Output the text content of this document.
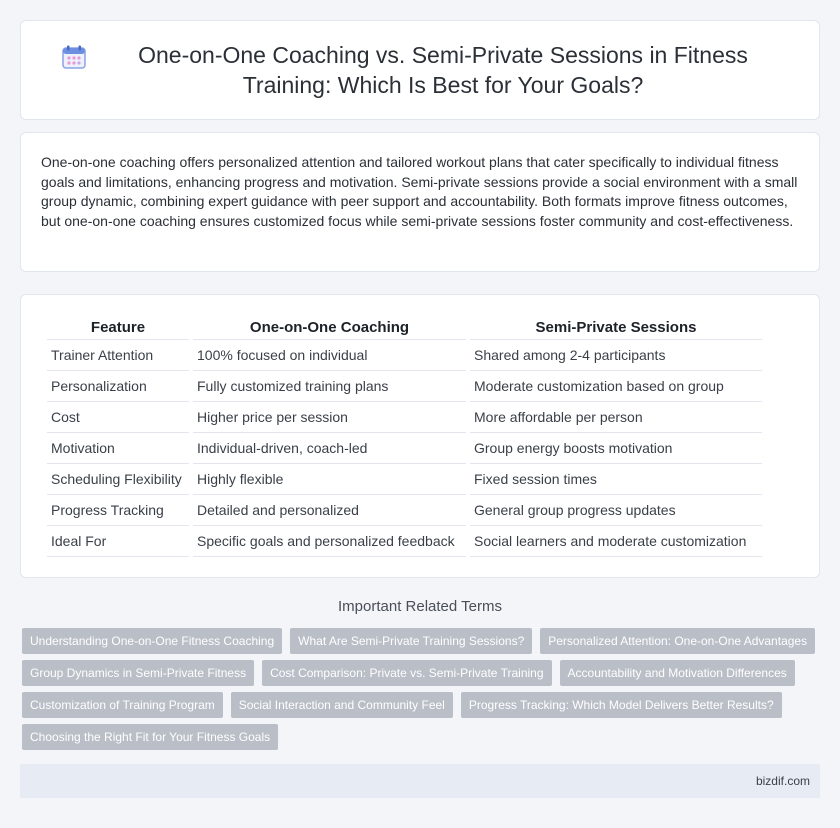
One-on-One Coaching vs. Semi-Private Sessions in Fitness Training: Which Is Best for Your Goals?

One-on-one coaching offers personalized attention and tailored workout plans that cater specifically to individual fitness goals and limitations, enhancing progress and motivation. Semi-private sessions provide a social environment with a small group dynamic, combining expert guidance with peer support and accountability. Both formats improve fitness outcomes, but one-on-one coaching ensures customized focus while semi-private sessions foster community and cost-effectiveness.

Feature	One-on-One Coaching	Semi-Private Sessions
Trainer Attention	100% focused on individual	Shared among 2-4 participants
Personalization	Fully customized training plans	Moderate customization based on group
Cost	Higher price per session	More affordable per person
Motivation	Individual-driven, coach-led	Group energy boosts motivation
Scheduling Flexibility	Highly flexible	Fixed session times
Progress Tracking	Detailed and personalized	General group progress updates
Ideal For	Specific goals and personalized feedback	Social learners and moderate customization
Important Related Terms
Understanding One-on-One Fitness Coaching	What Are Semi-Private Training Sessions?	Personalized Attention: One-on-One Advantages
Group Dynamics in Semi-Private Fitness	Cost Comparison: Private vs. Semi-Private Training	Accountability and Motivation Differences
Customization of Training Program	Social Interaction and Community Feel	Progress Tracking: Which Model Delivers Better Results?
Choosing the Right Fit for Your Fitness Goals
bizdif.com
